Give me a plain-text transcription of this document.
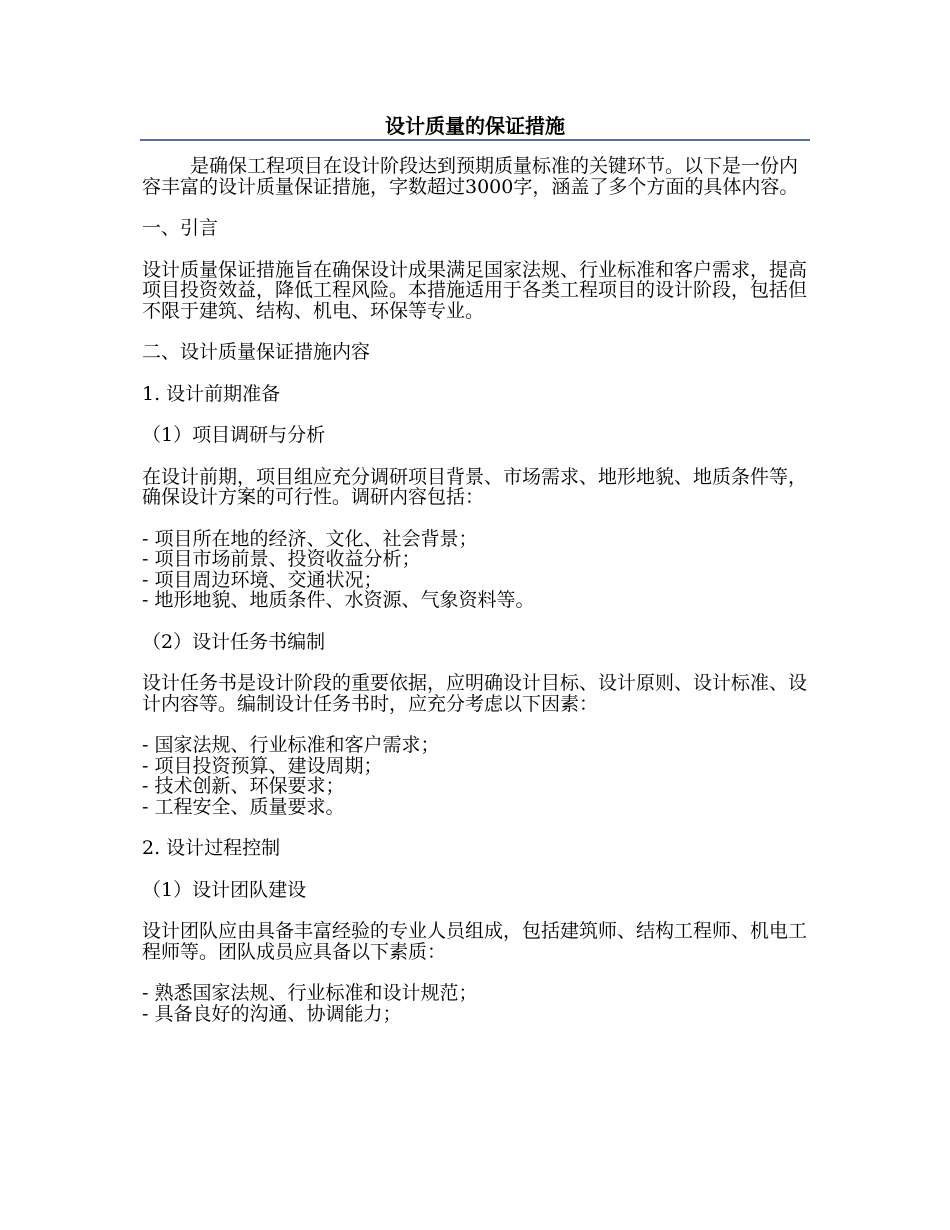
设计质量的保证措施

是确保工程项目在设计阶段达到预期质量标准的关键环节。以下是一份内容丰富的设计质量保证措施，字数超过3000字，涵盖了多个方面的具体内容。

一、引言

设计质量保证措施旨在确保设计成果满足国家法规、行业标准和客户需求，提高项目投资效益，降低工程风险。本措施适用于各类工程项目的设计阶段，包括但不限于建筑、结构、机电、环保等专业。

二、设计质量保证措施内容

1. 设计前期准备

（1）项目调研与分析

在设计前期，项目组应充分调研项目背景、市场需求、地形地貌、地质条件等，确保设计方案的可行性。调研内容包括：

- 项目所在地的经济、文化、社会背景；
- 项目市场前景、投资收益分析；
- 项目周边环境、交通状况；
- 地形地貌、地质条件、水资源、气象资料等。

（2）设计任务书编制

设计任务书是设计阶段的重要依据，应明确设计目标、设计原则、设计标准、设计内容等。编制设计任务书时，应充分考虑以下因素：

- 国家法规、行业标准和客户需求；
- 项目投资预算、建设周期；
- 技术创新、环保要求；
- 工程安全、质量要求。

2. 设计过程控制

（1）设计团队建设

设计团队应由具备丰富经验的专业人员组成，包括建筑师、结构工程师、机电工程师等。团队成员应具备以下素质：

- 熟悉国家法规、行业标准和设计规范；
- 具备良好的沟通、协调能力；
